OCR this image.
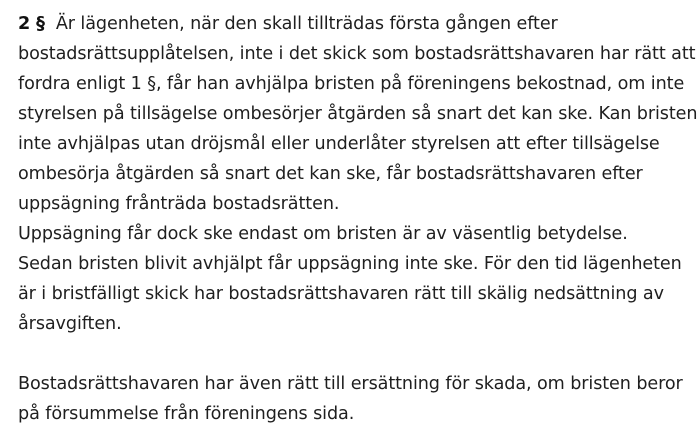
2 § Är lägenheten, när den skall tillträdas första gången efter bostadsrättsupplåtelsen, inte i det skick som bostadsrättshavaren har rätt att fordra enligt 1 §, får han avhjälpa bristen på föreningens bekostnad, om inte styrelsen på tillsägelse ombesörjer åtgärden så snart det kan ske. Kan bristen inte avhjälpas utan dröjsmål eller underlåter styrelsen att efter tillsägelse ombesörja åtgärden så snart det kan ske, får bostadsrättshavaren efter uppsägning frånträda bostadsrätten.

Uppsägning får dock ske endast om bristen är av väsentlig betydelse.

Sedan bristen blivit avhjälpt får uppsägning inte ske. För den tid lägenheten är i bristfälligt skick har bostadsrättshavaren rätt till skälig nedsättning av årsavgiften.

Bostadsrättshavaren har även rätt till ersättning för skada, om bristen beror på försummelse från föreningens sida.
